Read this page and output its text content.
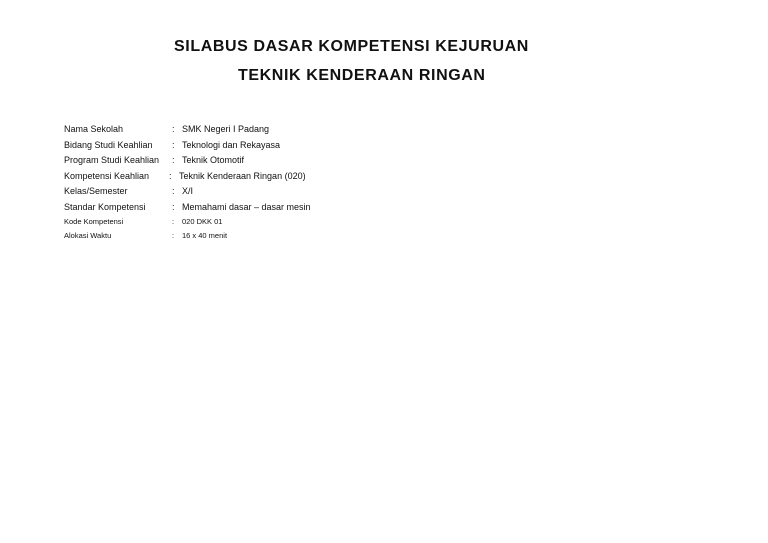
SILABUS DASAR KOMPETENSI KEJURUAN
TEKNIK KENDERAAN RINGAN
Nama Sekolah	: SMK Negeri I Padang
Bidang Studi Keahlian : Teknologi dan Rekayasa
Program Studi Keahlian : Teknik Otomotif
Kompetensi Keahlian : Teknik Kenderaan Ringan (020)
Kelas/Semester	: X/I
Standar Kompetensi	: Memahami dasar – dasar mesin
Kode Kompetensi	: 020 DKK 01
Alokasi Waktu	: 16 x 40 menit
